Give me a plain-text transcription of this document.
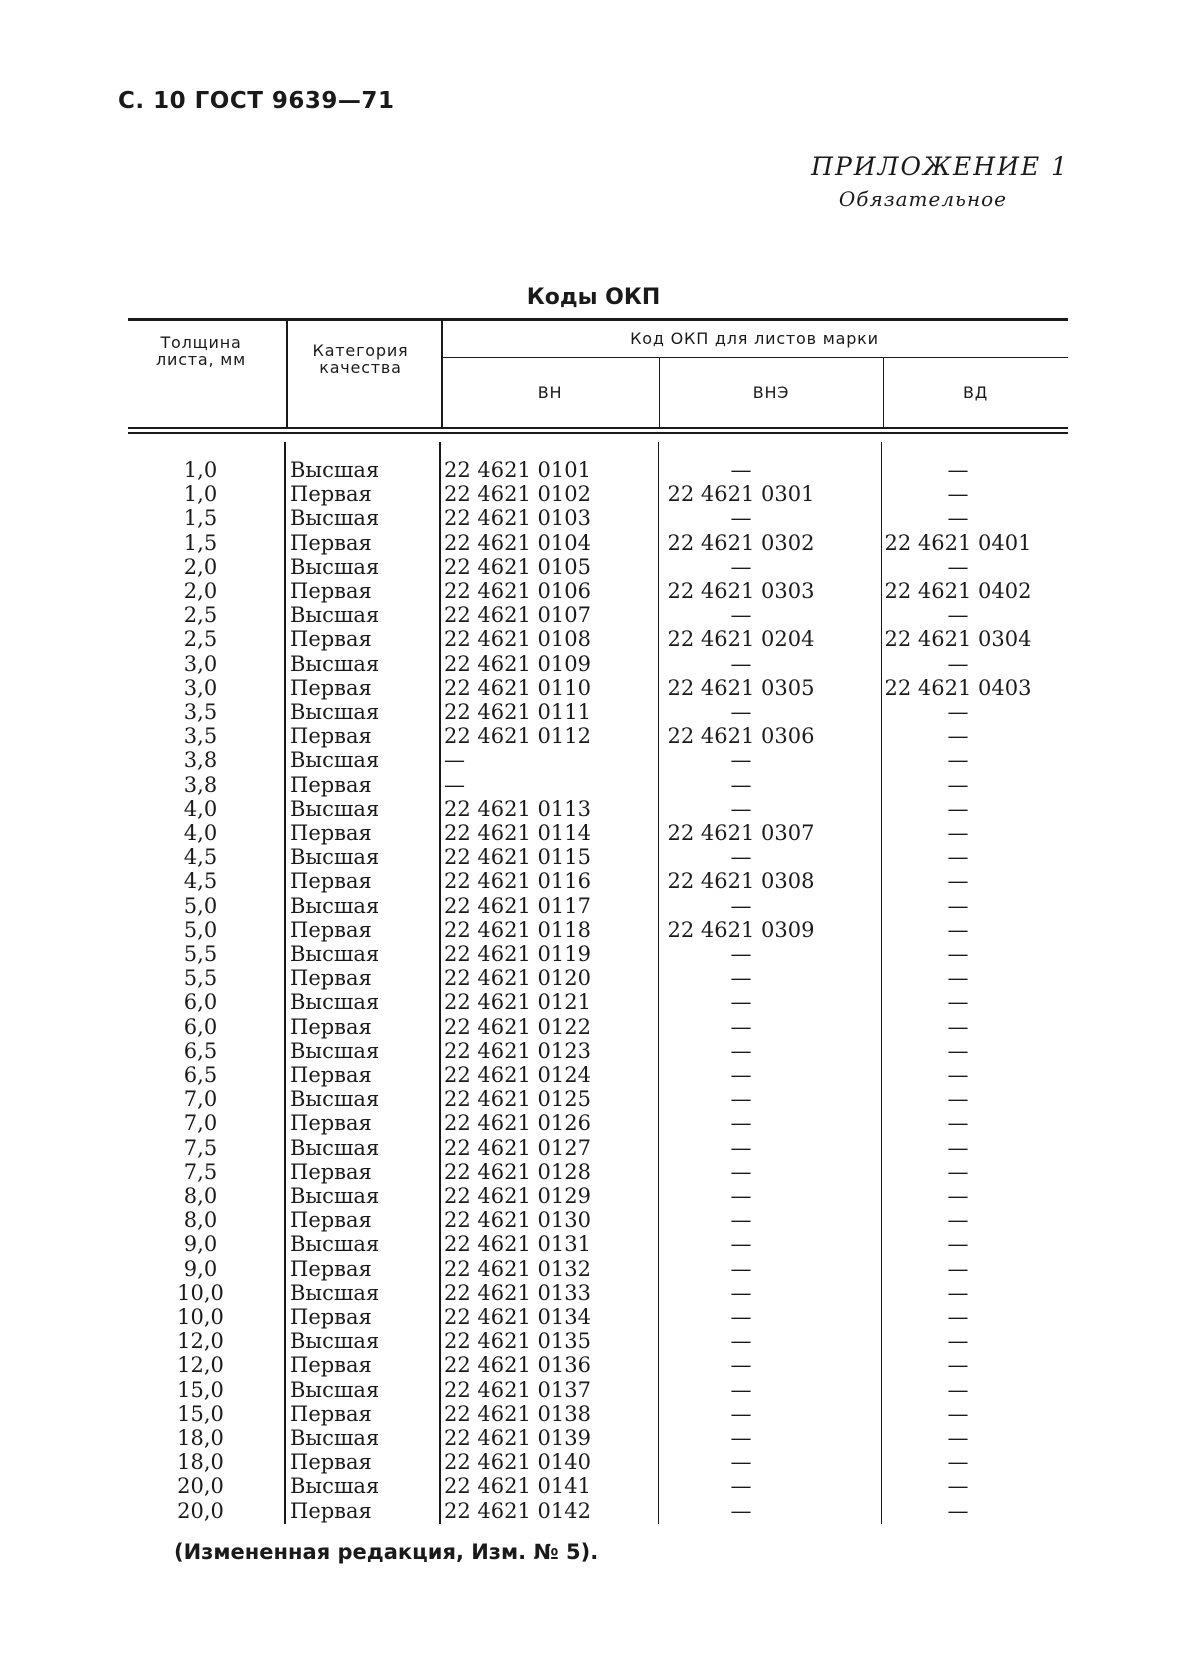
С. 10 ГОСТ 9639—71
ПРИЛОЖЕНИЕ 1
Обязательное
Коды ОКП
Толщина листа, мм	Категория качества
Код ОКП для листов марки
ВН	ВНЭ	ВД
1,0	Высшая	22 4621 0101	—	—
1,0	Первая	22 4621 0102	22 4621 0301	—
1,5	Высшая	22 4621 0103	—	—
1,5	Первая	22 4621 0104	22 4621 0302	22 4621 0401
2,0	Высшая	22 4621 0105	—	—
2,0	Первая	22 4621 0106	22 4621 0303	22 4621 0402
2,5	Высшая	22 4621 0107	—	—
2,5	Первая	22 4621 0108	22 4621 0204	22 4621 0304
3,0	Высшая	22 4621 0109	—	—
3,0	Первая	22 4621 0110	22 4621 0305	22 4621 0403
3,5	Высшая	22 4621 0111	—	—
3,5	Первая	22 4621 0112	22 4621 0306	—
3,8	Высшая	—	—	—
3,8	Первая	—	—	—
4,0	Высшая	22 4621 0113	—	—
4,0	Первая	22 4621 0114	22 4621 0307	—
4,5	Высшая	22 4621 0115	—	—
4,5	Первая	22 4621 0116	22 4621 0308	—
5,0	Высшая	22 4621 0117	—	—
5,0	Первая	22 4621 0118	22 4621 0309	—
5,5	Высшая	22 4621 0119	—	—
5,5	Первая	22 4621 0120	—	—
6,0	Высшая	22 4621 0121	—	—
6,0	Первая	22 4621 0122	—	—
6,5	Высшая	22 4621 0123	—	—
6,5	Первая	22 4621 0124	—	—
7,0	Высшая	22 4621 0125	—	—
7,0	Первая	22 4621 0126	—	—
7,5	Высшая	22 4621 0127	—	—
7,5	Первая	22 4621 0128	—	—
8,0	Высшая	22 4621 0129	—	—
8,0	Первая	22 4621 0130	—	—
9,0	Высшая	22 4621 0131	—	—
9,0	Первая	22 4621 0132	—	—
10,0	Высшая	22 4621 0133	—	—
10,0	Первая	22 4621 0134	—	—
12,0	Высшая	22 4621 0135	—	—
12,0	Первая	22 4621 0136	—	—
15,0	Высшая	22 4621 0137	—	—
15,0	Первая	22 4621 0138	—	—
18,0	Высшая	22 4621 0139	—	—
18,0	Первая	22 4621 0140	—	—
20,0	Высшая	22 4621 0141	—	—
20,0	Первая	22 4621 0142	—	—
(Измененная редакция, Изм. № 5).
